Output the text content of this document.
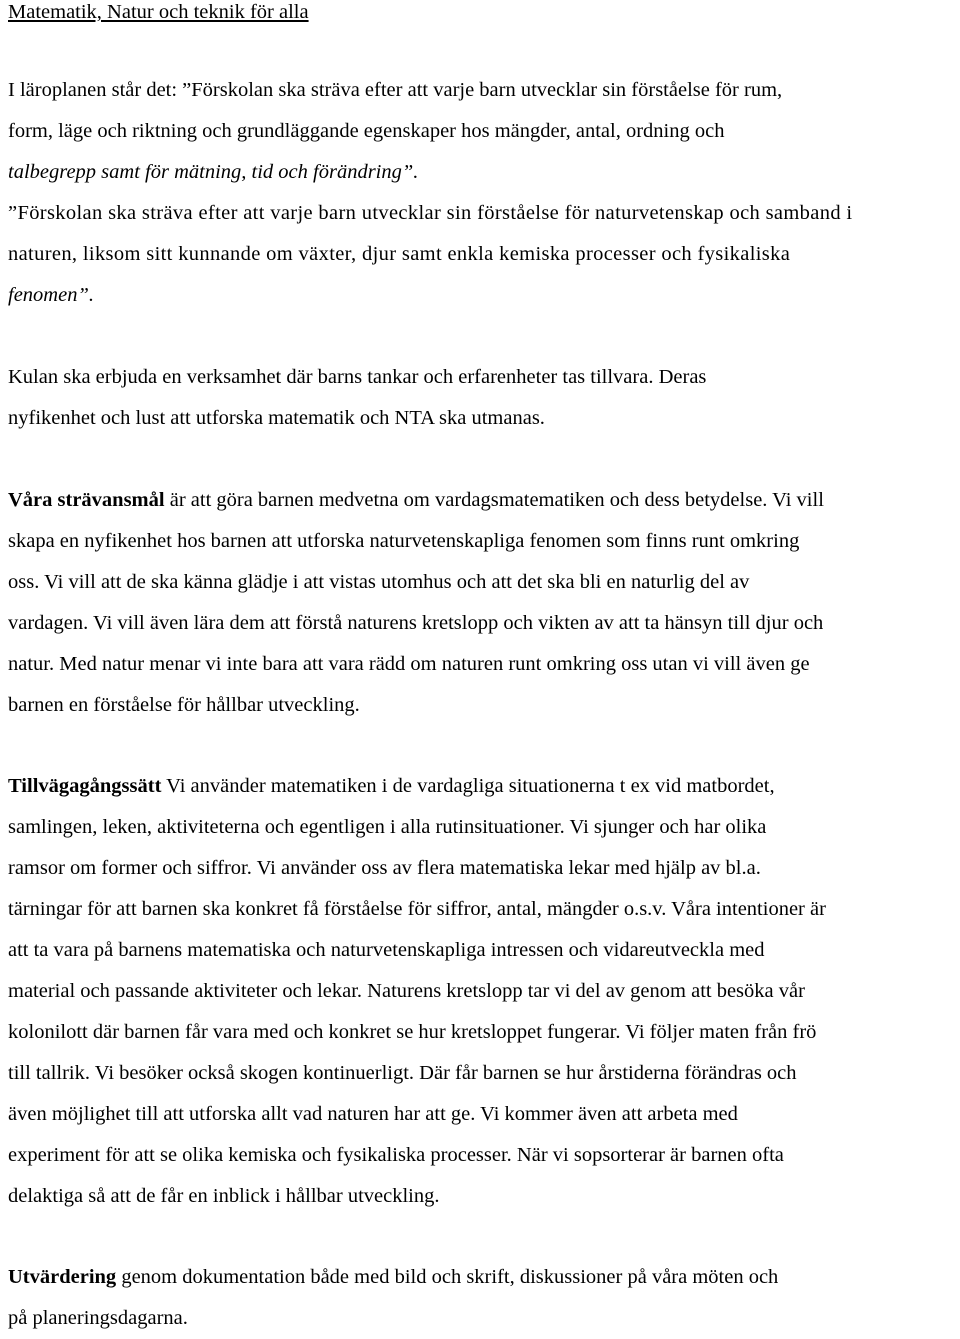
Matematik, Natur och teknik för alla
I läroplanen står det: ”Förskolan ska sträva efter att varje barn utvecklar sin förståelse för rum,
form, läge och riktning och grundläggande egenskaper hos mängder, antal, ordning och
talbegrepp samt för mätning, tid och förändring”.
”Förskolan ska sträva efter att varje barn utvecklar sin förståelse för naturvetenskap och samband i
naturen, liksom sitt kunnande om växter, djur samt enkla kemiska processer och fysikaliska
fenomen”.
Kulan ska erbjuda en verksamhet där barns tankar och erfarenheter tas tillvara. Deras
nyfikenhet och lust att utforska matematik och NTA ska utmanas.
Våra strävansmål är att göra barnen medvetna om vardagsmatematiken och dess betydelse. Vi vill
skapa en nyfikenhet hos barnen att utforska naturvetenskapliga fenomen som finns runt omkring
oss. Vi vill att de ska känna glädje i att vistas utomhus och att det ska bli en naturlig del av
vardagen. Vi vill även lära dem att förstå naturens kretslopp och vikten av att ta hänsyn till djur och
natur. Med natur menar vi inte bara att vara rädd om naturen runt omkring oss utan vi vill även ge
barnen en förståelse för hållbar utveckling.
Tillvägagångssätt Vi använder matematiken i de vardagliga situationerna t ex vid matbordet,
samlingen, leken, aktiviteterna och egentligen i alla rutinsituationer. Vi sjunger och har olika
ramsor om former och siffror. Vi använder oss av flera matematiska lekar med hjälp av bl.a.
tärningar för att barnen ska konkret få förståelse för siffror, antal, mängder o.s.v. Våra intentioner är
att ta vara på barnens matematiska och naturvetenskapliga intressen och vidareutveckla med
material och passande aktiviteter och lekar. Naturens kretslopp tar vi del av genom att besöka vår
kolonilott där barnen får vara med och konkret se hur kretsloppet fungerar. Vi följer maten från frö
till tallrik. Vi besöker också skogen kontinuerligt. Där får barnen se hur årstiderna förändras och
även möjlighet till att utforska allt vad naturen har att ge. Vi kommer även att arbeta med
experiment för att se olika kemiska och fysikaliska processer. När vi sopsorterar är barnen ofta
delaktiga så att de får en inblick i hållbar utveckling.
Utvärdering genom dokumentation både med bild och skrift, diskussioner på våra möten och
på planeringsdagarna.
